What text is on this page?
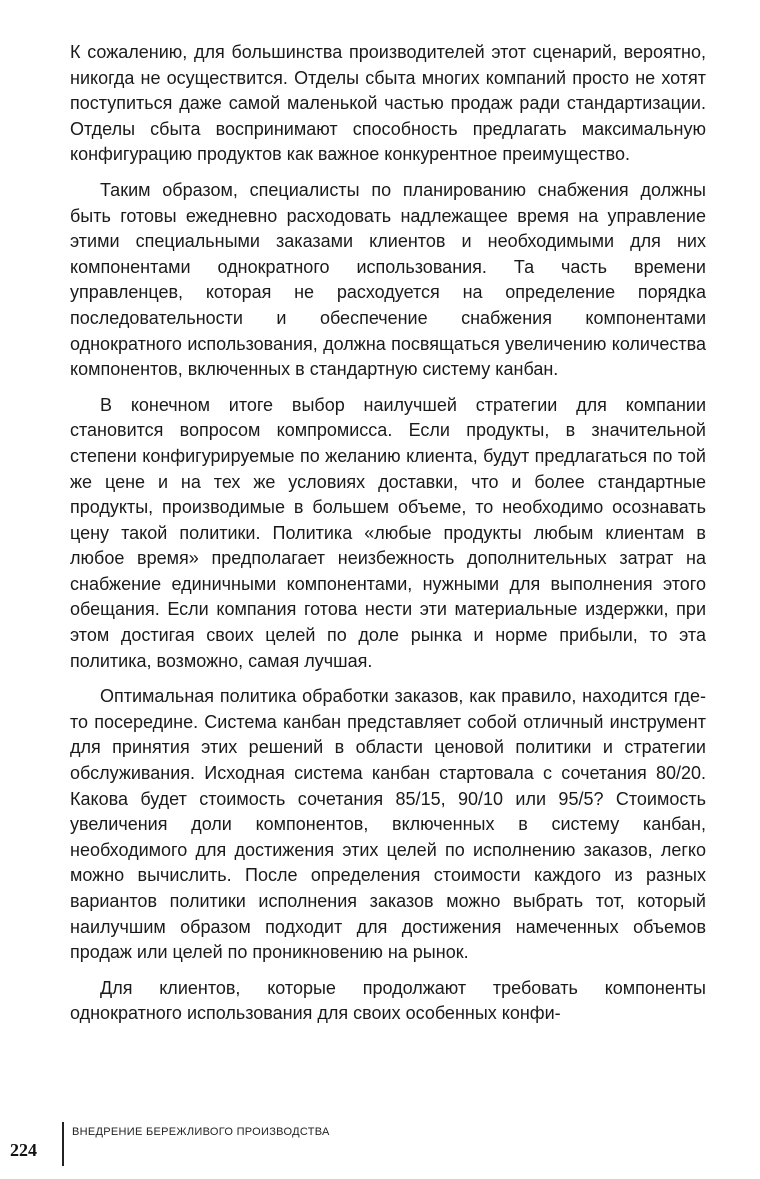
К сожалению, для большинства производителей этот сценарий, вероятно, никогда не осуществится. Отделы сбыта многих компаний просто не хотят поступиться даже самой маленькой частью продаж ради стандартизации. Отделы сбыта воспринимают способность предлагать максимальную конфигурацию продуктов как важное конкурентное преимущество.

Таким образом, специалисты по планированию снабжения должны быть готовы ежедневно расходовать надлежащее время на управление этими специальными заказами клиентов и необходимыми для них компонентами однократного использования. Та часть времени управленцев, которая не расходуется на определение порядка последовательности и обеспечение снабжения компонентами однократного использования, должна посвящаться увеличению количества компонентов, включенных в стандартную систему канбан.

В конечном итоге выбор наилучшей стратегии для компании становится вопросом компромисса. Если продукты, в значительной степени конфигурируемые по желанию клиента, будут предлагаться по той же цене и на тех же условиях доставки, что и более стандартные продукты, производимые в большем объеме, то необходимо осознавать цену такой политики. Политика «любые продукты любым клиентам в любое время» предполагает неизбежность дополнительных затрат на снабжение единичными компонентами, нужными для выполнения этого обещания. Если компания готова нести эти материальные издержки, при этом достигая своих целей по доле рынка и норме прибыли, то эта политика, возможно, самая лучшая.

Оптимальная политика обработки заказов, как правило, находится где-то посередине. Система канбан представляет собой отличный инструмент для принятия этих решений в области ценовой политики и стратегии обслуживания. Исходная система канбан стартовала с сочетания 80/20. Какова будет стоимость сочетания 85/15, 90/10 или 95/5? Стоимость увеличения доли компонентов, включенных в систему канбан, необходимого для достижения этих целей по исполнению заказов, легко можно вычислить. После определения стоимости каждого из разных вариантов политики исполнения заказов можно выбрать тот, который наилучшим образом подходит для достижения намеченных объемов продаж или целей по проникновению на рынок.

Для клиентов, которые продолжают требовать компоненты однократного использования для своих особенных конфи-

224
ВНЕДРЕНИЕ БЕРЕЖЛИВОГО ПРОИЗВОДСТВА
